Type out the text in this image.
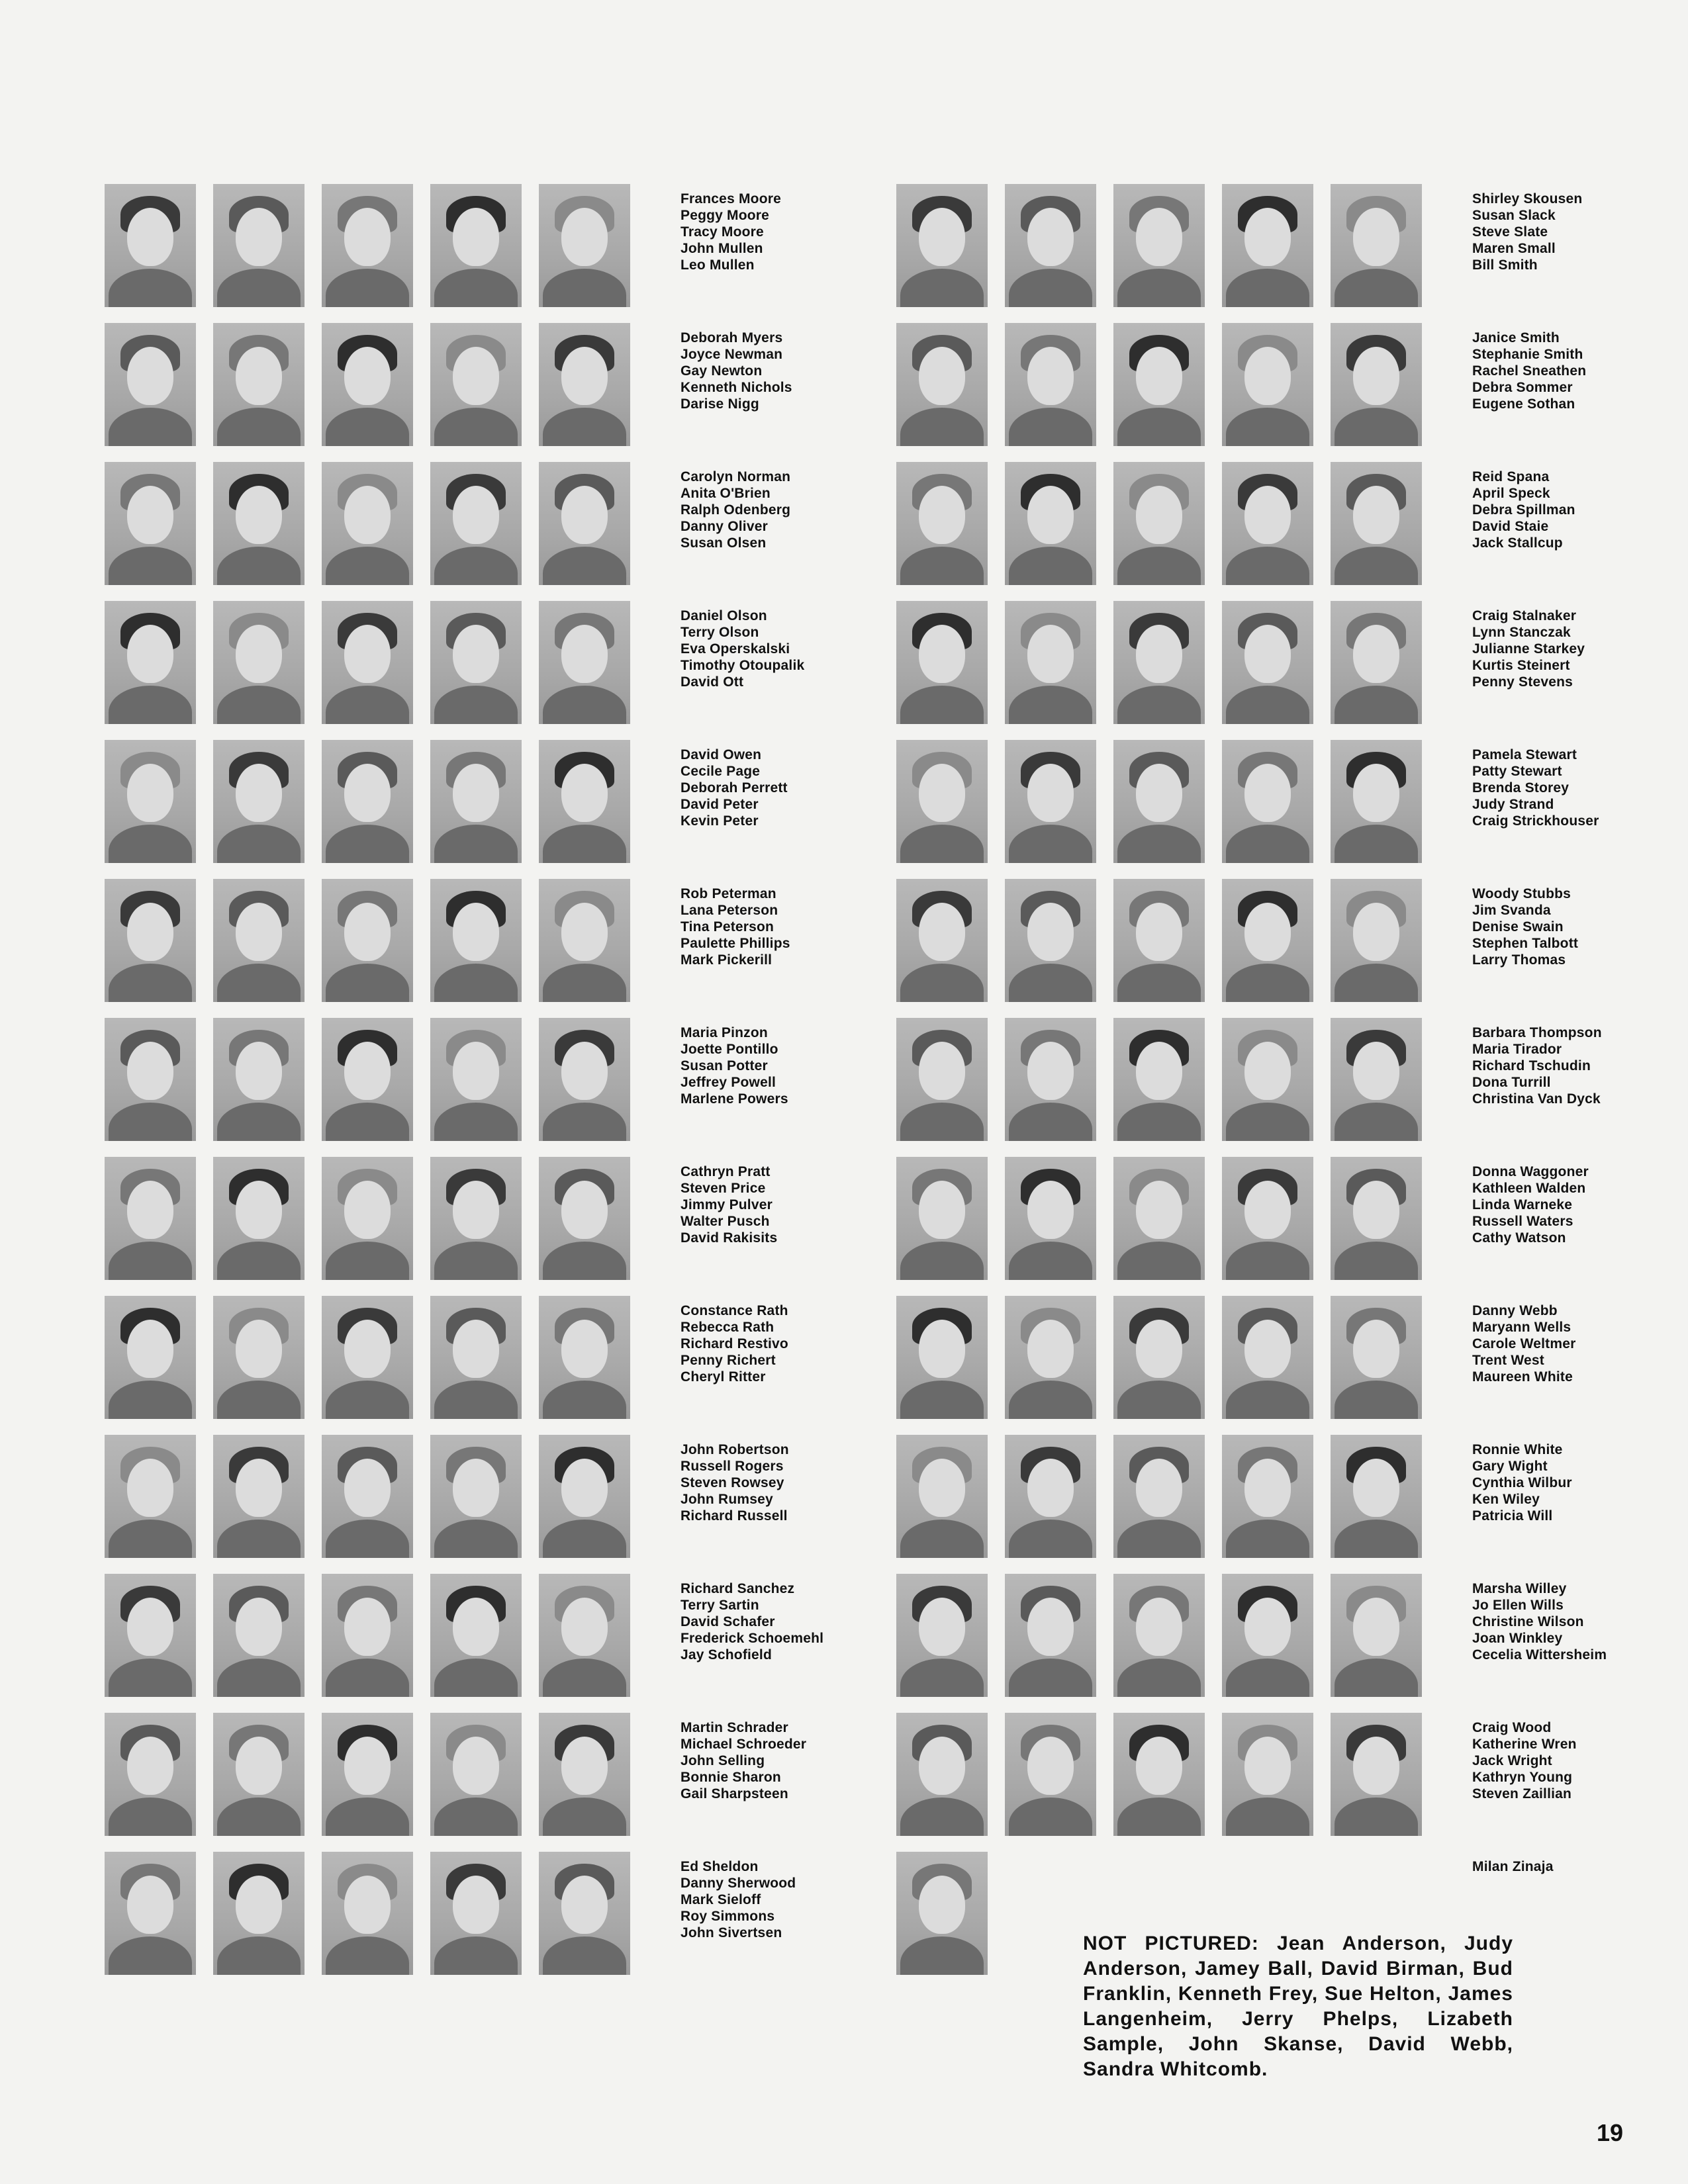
Frances Moore
Peggy Moore
Tracy Moore
John Mullen
Leo Mullen
Deborah Myers
Joyce Newman
Gay Newton
Kenneth Nichols
Darise Nigg
Carolyn Norman
Anita O'Brien
Ralph Odenberg
Danny Oliver
Susan Olsen
Daniel Olson
Terry Olson
Eva Operskalski
Timothy Otoupalik
David Ott
David Owen
Cecile Page
Deborah Perrett
David Peter
Kevin Peter
Rob Peterman
Lana Peterson
Tina Peterson
Paulette Phillips
Mark Pickerill
Maria Pinzon
Joette Pontillo
Susan Potter
Jeffrey Powell
Marlene Powers
Cathryn Pratt
Steven Price
Jimmy Pulver
Walter Pusch
David Rakisits
Constance Rath
Rebecca Rath
Richard Restivo
Penny Richert
Cheryl Ritter
John Robertson
Russell Rogers
Steven Rowsey
John Rumsey
Richard Russell
Richard Sanchez
Terry Sartin
David Schafer
Frederick Schoemehl
Jay Schofield
Martin Schrader
Michael Schroeder
John Selling
Bonnie Sharon
Gail Sharpsteen
Ed Sheldon
Danny Sherwood
Mark Sieloff
Roy Simmons
John Sivertsen
Shirley Skousen
Susan Slack
Steve Slate
Maren Small
Bill Smith
Janice Smith
Stephanie Smith
Rachel Sneathen
Debra Sommer
Eugene Sothan
Reid Spana
April Speck
Debra Spillman
David Staie
Jack Stallcup
Craig Stalnaker
Lynn Stanczak
Julianne Starkey
Kurtis Steinert
Penny Stevens
Pamela Stewart
Patty Stewart
Brenda Storey
Judy Strand
Craig Strickhouser
Woody Stubbs
Jim Svanda
Denise Swain
Stephen Talbott
Larry Thomas
Barbara Thompson
Maria Tirador
Richard Tschudin
Dona Turrill
Christina Van Dyck
Donna Waggoner
Kathleen Walden
Linda Warneke
Russell Waters
Cathy Watson
Danny Webb
Maryann Wells
Carole Weltmer
Trent West
Maureen White
Ronnie White
Gary Wight
Cynthia Wilbur
Ken Wiley
Patricia Will
Marsha Willey
Jo Ellen Wills
Christine Wilson
Joan Winkley
Cecelia Wittersheim
Craig Wood
Katherine Wren
Jack Wright
Kathryn Young
Steven Zaillian
Milan Zinaja
NOT PICTURED: Jean Anderson, Judy Anderson, Jamey Ball, David Birman, Bud Franklin, Kenneth Frey, Sue Helton, James Langenheim, Jerry Phelps, Lizabeth Sample, John Skanse, David Webb, Sandra Whitcomb.
19
